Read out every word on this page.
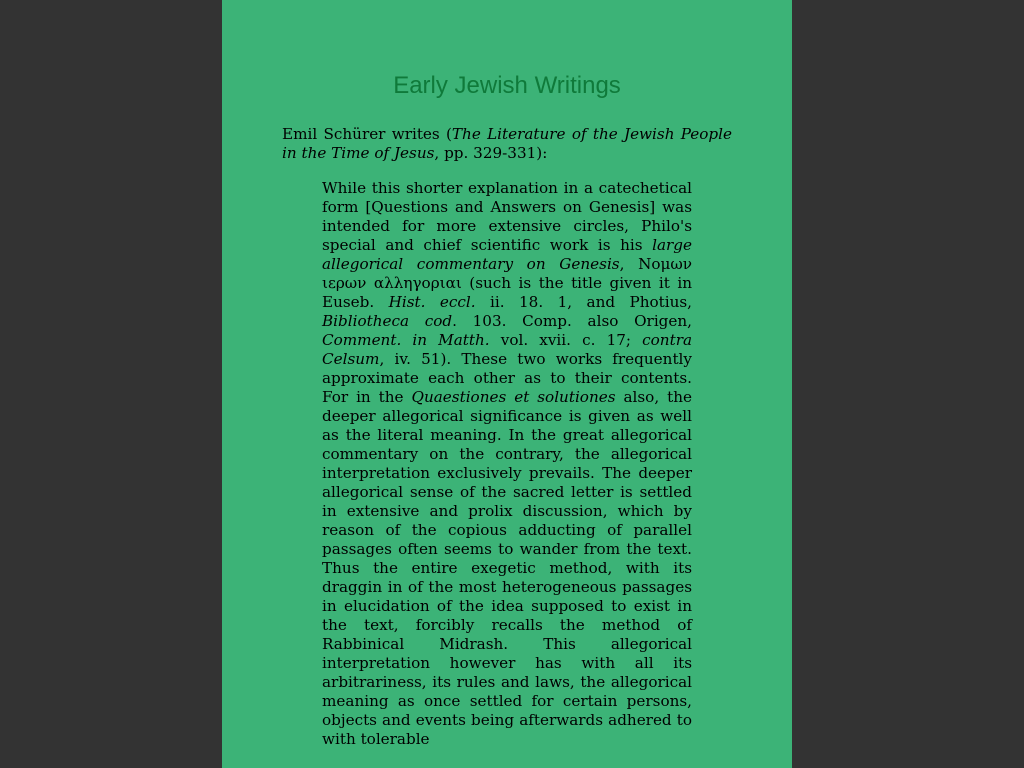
Early Jewish Writings

Emil Schürer writes (The Literature of the Jewish People in the Time of Jesus, pp. 329-331):

While this shorter explanation in a catechetical form [Questions and Answers on Genesis] was intended for more extensive circles, Philo's special and chief scientific work is his large allegorical commentary on Genesis, Νομων ιερων αλληγοριαι (such is the title given it in Euseb. Hist. eccl. ii. 18. 1, and Photius, Bibliotheca cod. 103. Comp. also Origen, Comment. in Matth. vol. xvii. c. 17; contra Celsum, iv. 51). These two works frequently approximate each other as to their contents. For in the Quaestiones et solutiones also, the deeper allegorical significance is given as well as the literal meaning. In the great allegorical commentary on the contrary, the allegorical interpretation exclusively prevails. The deeper allegorical sense of the sacred letter is settled in extensive and prolix discussion, which by reason of the copious adducting of parallel passages often seems to wander from the text. Thus the entire exegetic method, with its draggin in of the most heterogeneous passages in elucidation of the idea supposed to exist in the text, forcibly recalls the method of Rabbinical Midrash. This allegorical interpretation however has with all its arbitrariness, its rules and laws, the allegorical meaning as once settled for certain persons, objects and events being afterwards adhered to with tolerable
